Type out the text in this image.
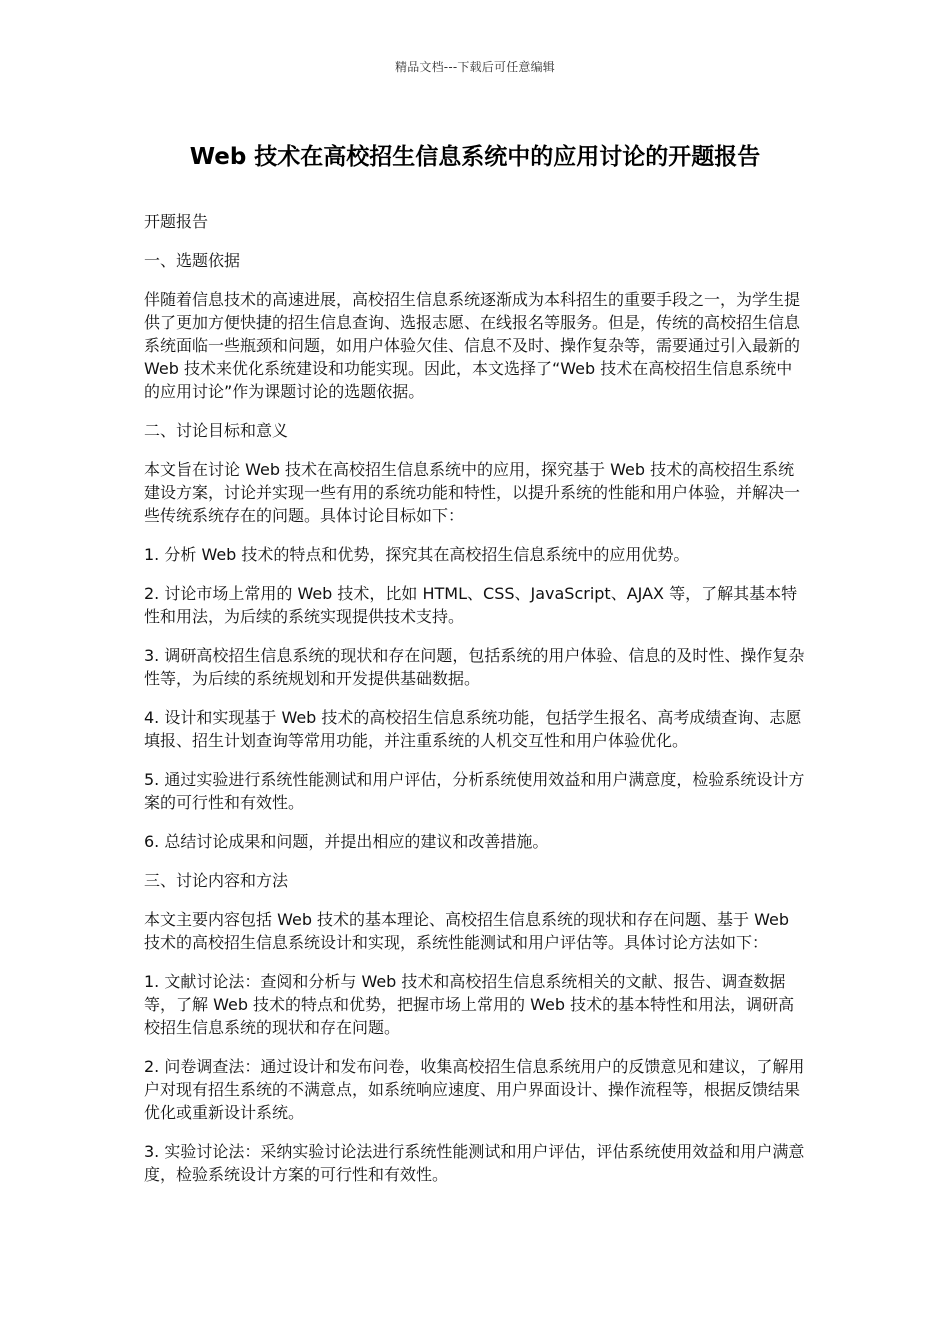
精品文档---下载后可任意编辑
Web 技术在高校招生信息系统中的应用讨论的开题报告

开题报告

一、选题依据

伴随着信息技术的高速进展，高校招生信息系统逐渐成为本科招生的重要手段之一，为学生提供了更加方便快捷的招生信息查询、选报志愿、在线报名等服务。但是，传统的高校招生信息系统面临一些瓶颈和问题，如用户体验欠佳、信息不及时、操作复杂等，需要通过引入最新的 Web 技术来优化系统建设和功能实现。因此，本文选择了“Web 技术在高校招生信息系统中的应用讨论”作为课题讨论的选题依据。

二、讨论目标和意义

本文旨在讨论 Web 技术在高校招生信息系统中的应用，探究基于 Web 技术的高校招生系统建设方案，讨论并实现一些有用的系统功能和特性，以提升系统的性能和用户体验，并解决一些传统系统存在的问题。具体讨论目标如下：

1. 分析 Web 技术的特点和优势，探究其在高校招生信息系统中的应用优势。

2. 讨论市场上常用的 Web 技术，比如 HTML、CSS、JavaScript、AJAX 等，了解其基本特性和用法，为后续的系统实现提供技术支持。

3. 调研高校招生信息系统的现状和存在问题，包括系统的用户体验、信息的及时性、操作复杂性等，为后续的系统规划和开发提供基础数据。

4. 设计和实现基于 Web 技术的高校招生信息系统功能，包括学生报名、高考成绩查询、志愿填报、招生计划查询等常用功能，并注重系统的人机交互性和用户体验优化。

5. 通过实验进行系统性能测试和用户评估，分析系统使用效益和用户满意度，检验系统设计方案的可行性和有效性。

6. 总结讨论成果和问题，并提出相应的建议和改善措施。

三、讨论内容和方法

本文主要内容包括 Web 技术的基本理论、高校招生信息系统的现状和存在问题、基于 Web 技术的高校招生信息系统设计和实现，系统性能测试和用户评估等。具体讨论方法如下：

1. 文献讨论法：查阅和分析与 Web 技术和高校招生信息系统相关的文献、报告、调查数据等，了解 Web 技术的特点和优势，把握市场上常用的 Web 技术的基本特性和用法，调研高校招生信息系统的现状和存在问题。

2. 问卷调查法：通过设计和发布问卷，收集高校招生信息系统用户的反馈意见和建议，了解用户对现有招生系统的不满意点，如系统响应速度、用户界面设计、操作流程等，根据反馈结果优化或重新设计系统。

3. 实验讨论法：采纳实验讨论法进行系统性能测试和用户评估，评估系统使用效益和用户满意度，检验系统设计方案的可行性和有效性。
